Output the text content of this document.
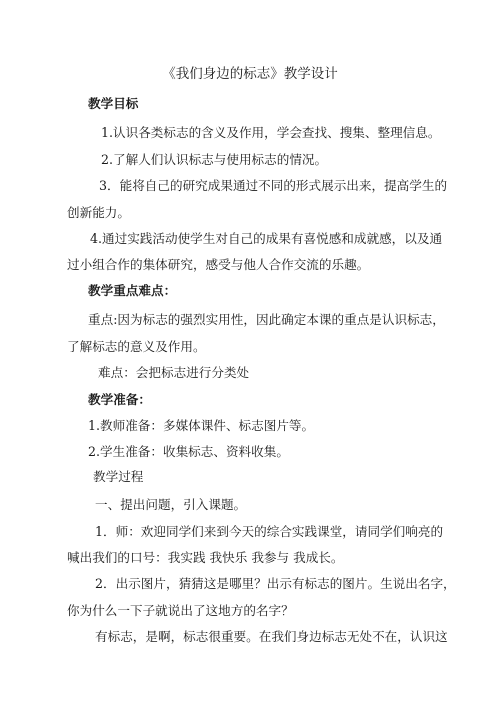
《我们身边的标志》教学设计
教学目标
1.认识各类标志的含义及作用，学会查找、搜集、整理信息。
2.了解人们认识标志与使用标志的情况。
3．能将自己的研究成果通过不同的形式展示出来，提高学生的
创新能力。
4.通过实践活动使学生对自己的成果有喜悦感和成就感，以及通
过小组合作的集体研究，感受与他人合作交流的乐趣。
教学重点难点：
重点:因为标志的强烈实用性，因此确定本课的重点是认识标志，
了解标志的意义及作用。
难点：会把标志进行分类处
教学准备：
1.教师准备：多媒体课件、标志图片等。
2.学生准备：收集标志、资料收集。
教学过程
一、提出问题，引入课题。
1．师：欢迎同学们来到今天的综合实践课堂，请同学们响亮的
喊出我们的口号：我实践 我快乐 我参与 我成长。
2．出示图片，猜猜这是哪里？出示有标志的图片。生说出名字，
你为什么一下子就说出了这地方的名字？
有标志，是啊，标志很重要。在我们身边标志无处不在，认识这
